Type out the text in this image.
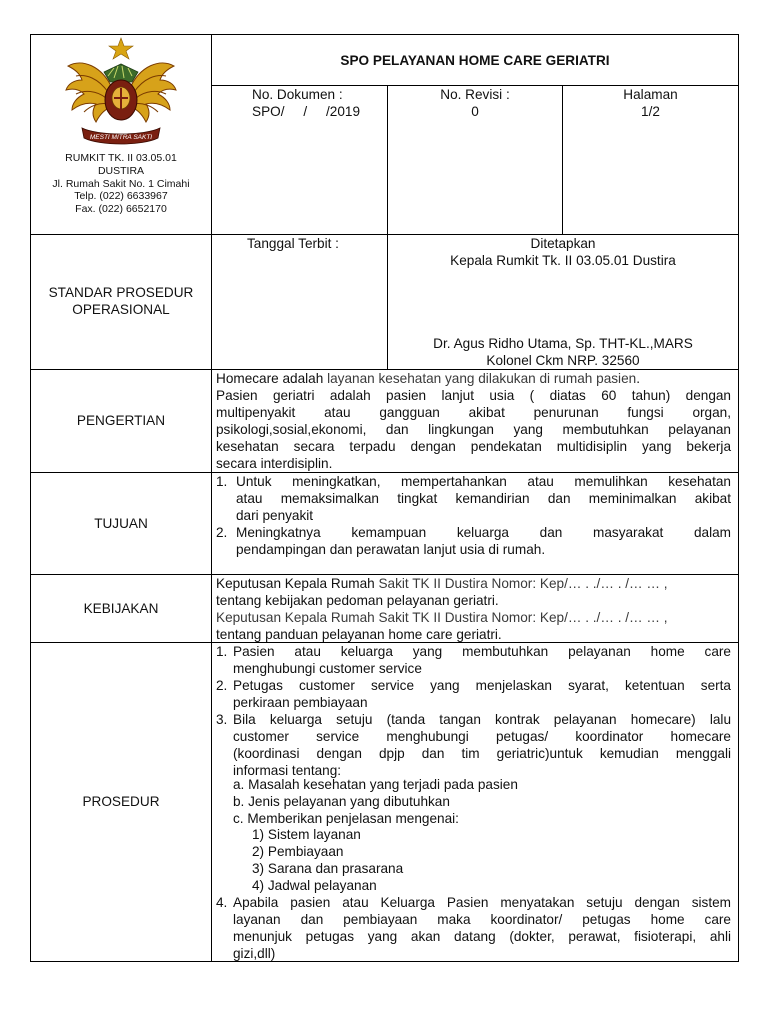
MESTI MITRA SAKTI
RUMKIT TK. II 03.05.01
DUSTIRA
Jl. Rumah Sakit No. 1 Cimahi
Telp. (022) 6633967
Fax. (022) 6652170
SPO PELAYANAN HOME CARE GERIATRI
No. Dokumen :
SPO/     /     /2019
No. Revisi :
0
Halaman
1/2
STANDAR PROSEDUR
OPERASIONAL
Tanggal Terbit :	Ditetapkan
Kepala Rumkit Tk. II 03.05.01 Dustira
Dr. Agus Ridho Utama, Sp. THT-KL.,MARS
Kolonel Ckm NRP. 32560
PENGERTIAN
Homecare adalah layanan kesehatan yang dilakukan di rumah pasien.
Pasien geriatri adalah pasien lanjut usia ( diatas 60 tahun) dengan
multipenyakit atau gangguan akibat penurunan fungsi organ,
psikologi,sosial,ekonomi, dan lingkungan yang membutuhkan pelayanan
kesehatan secara terpadu dengan pendekatan multidisiplin yang bekerja
secara interdisiplin.
TUJUAN
1. Untuk meningkatkan, mempertahankan atau memulihkan kesehatan
atau memaksimalkan tingkat kemandirian dan meminimalkan akibat
dari penyakit
2. Meningkatnya kemampuan keluarga dan masyarakat dalam
pendampingan dan perawatan lanjut usia di rumah.
KEBIJAKAN
Keputusan Kepala Rumah Sakit TK II Dustira Nomor: Kep/… . ./… . /… … ,
tentang kebijakan pedoman pelayanan geriatri.
Keputusan Kepala Rumah Sakit TK II Dustira Nomor: Kep/… . ./… . /… … ,
tentang panduan pelayanan home care geriatri.
PROSEDUR
1. Pasien atau keluarga yang membutuhkan pelayanan home care
menghubungi customer service
2. Petugas customer service yang menjelaskan syarat, ketentuan serta
perkiraan pembiayaan
3. Bila keluarga setuju (tanda tangan kontrak pelayanan homecare) lalu
customer service menghubungi petugas/ koordinator homecare
(koordinasi dengan dpjp dan tim geriatric)untuk kemudian menggali
informasi tentang:
a. Masalah kesehatan yang terjadi pada pasien
b. Jenis pelayanan yang dibutuhkan
c. Memberikan penjelasan mengenai:
1) Sistem layanan
2) Pembiayaan
3) Sarana dan prasarana
4) Jadwal pelayanan
4. Apabila pasien atau Keluarga Pasien menyatakan setuju dengan sistem
layanan dan pembiayaan maka koordinator/ petugas home care
menunjuk petugas yang akan datang (dokter, perawat, fisioterapi, ahli
gizi,dll)
